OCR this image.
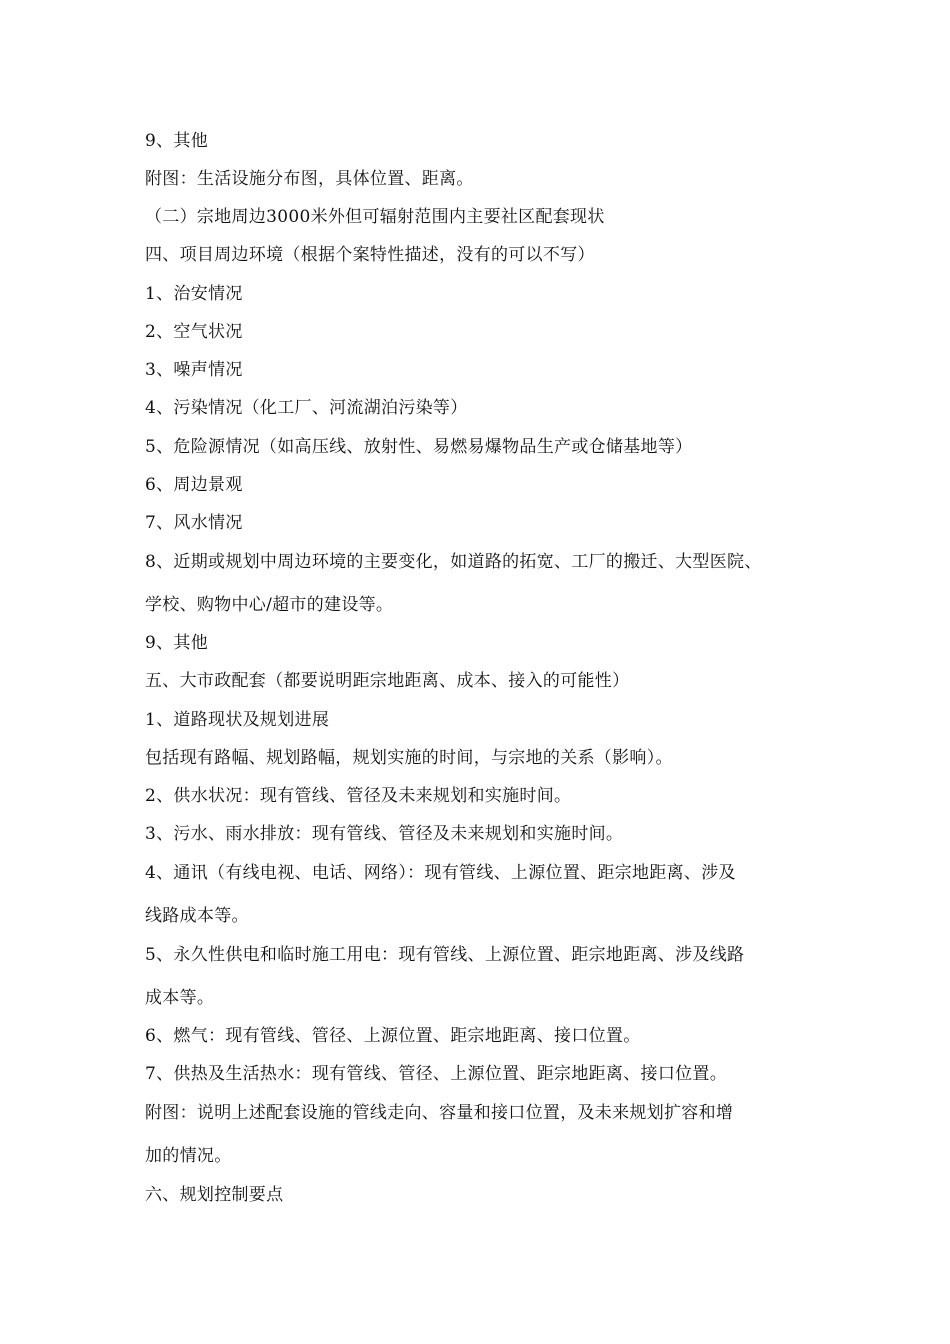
9、其他
附图：生活设施分布图，具体位置、距离。
（二）宗地周边3000米外但可辐射范围内主要社区配套现状
四、项目周边环境（根据个案特性描述，没有的可以不写）
1、治安情况
2、空气状况
3、噪声情况
4、污染情况（化工厂、河流湖泊污染等）
5、危险源情况（如高压线、放射性、易燃易爆物品生产或仓储基地等）
6、周边景观
7、风水情况
8、近期或规划中周边环境的主要变化，如道路的拓宽、工厂的搬迁、大型医院、
学校、购物中心/超市的建设等。
9、其他
五、大市政配套（都要说明距宗地距离、成本、接入的可能性）
1、道路现状及规划进展
包括现有路幅、规划路幅，规划实施的时间，与宗地的关系（影响）。
2、供水状况：现有管线、管径及未来规划和实施时间。
3、污水、雨水排放：现有管线、管径及未来规划和实施时间。
4、通讯（有线电视、电话、网络）：现有管线、上源位置、距宗地距离、涉及
线路成本等。
5、永久性供电和临时施工用电：现有管线、上源位置、距宗地距离、涉及线路
成本等。
6、燃气：现有管线、管径、上源位置、距宗地距离、接口位置。
7、供热及生活热水：现有管线、管径、上源位置、距宗地距离、接口位置。
附图：说明上述配套设施的管线走向、容量和接口位置，及未来规划扩容和增
加的情况。
六、规划控制要点
